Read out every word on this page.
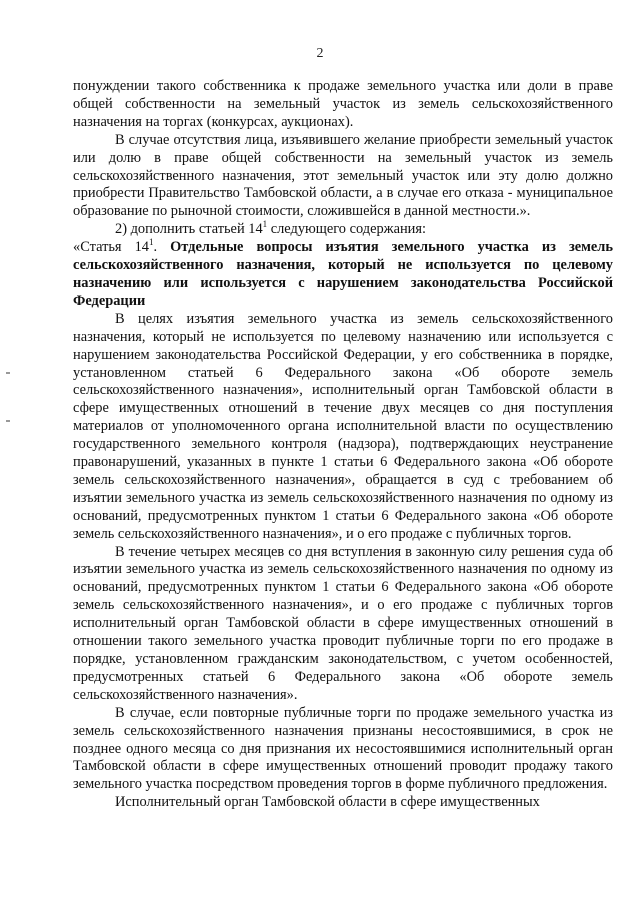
2

понуждении такого собственника к продаже земельного участка или доли в праве общей собственности на земельный участок из земель сельскохозяйственного назначения на торгах (конкурсах, аукционах).

В случае отсутствия лица, изъявившего желание приобрести земельный участок или долю в праве общей собственности на земельный участок из земель сельскохозяйственного назначения, этот земельный участок или эту долю должно приобрести Правительство Тамбовской области, а в случае его отказа - муниципальное образование по рыночной стоимости, сложившейся в данной местности.».

2) дополнить статьей $14^1$ следующего содержания:

«Статья $14^1$. Отдельные вопросы изъятия земельного участка из земель сельскохозяйственного назначения, который не используется по целевому назначению или используется с нарушением законодательства Российской Федерации

В целях изъятия земельного участка из земель сельскохозяйственного назначения, который не используется по целевому назначению или используется с нарушением законодательства Российской Федерации, у его собственника в порядке, установленном статьей 6 Федерального закона «Об обороте земель сельскохозяйственного назначения», исполнительный орган Тамбовской области в сфере имущественных отношений в течение двух месяцев со дня поступления материалов от уполномоченного органа исполнительной власти по осуществлению государственного земельного контроля (надзора), подтверждающих неустранение правонарушений, указанных в пункте 1 статьи 6 Федерального закона «Об обороте земель сельскохозяйственного назначения», обращается в суд с требованием об изъятии земельного участка из земель сельскохозяйственного назначения по одному из оснований, предусмотренных пунктом 1 статьи 6 Федерального закона «Об обороте земель сельскохозяйственного назначения», и о его продаже с публичных торгов.

В течение четырех месяцев со дня вступления в законную силу решения суда об изъятии земельного участка из земель сельскохозяйственного назначения по одному из оснований, предусмотренных пунктом 1 статьи 6 Федерального закона «Об обороте земель сельскохозяйственного назначения», и о его продаже с публичных торгов исполнительный орган Тамбовской области в сфере имущественных отношений в отношении такого земельного участка проводит публичные торги по его продаже в порядке, установленном гражданским законодательством, с учетом особенностей, предусмотренных статьей 6 Федерального закона «Об обороте земель сельскохозяйственного назначения».

В случае, если повторные публичные торги по продаже земельного участка из земель сельскохозяйственного назначения признаны несостоявшимися, в срок не позднее одного месяца со дня признания их несостоявшимися исполнительный орган Тамбовской области в сфере имущественных отношений проводит продажу такого земельного участка посредством проведения торгов в форме публичного предложения.

Исполнительный орган Тамбовской области в сфере имущественных
